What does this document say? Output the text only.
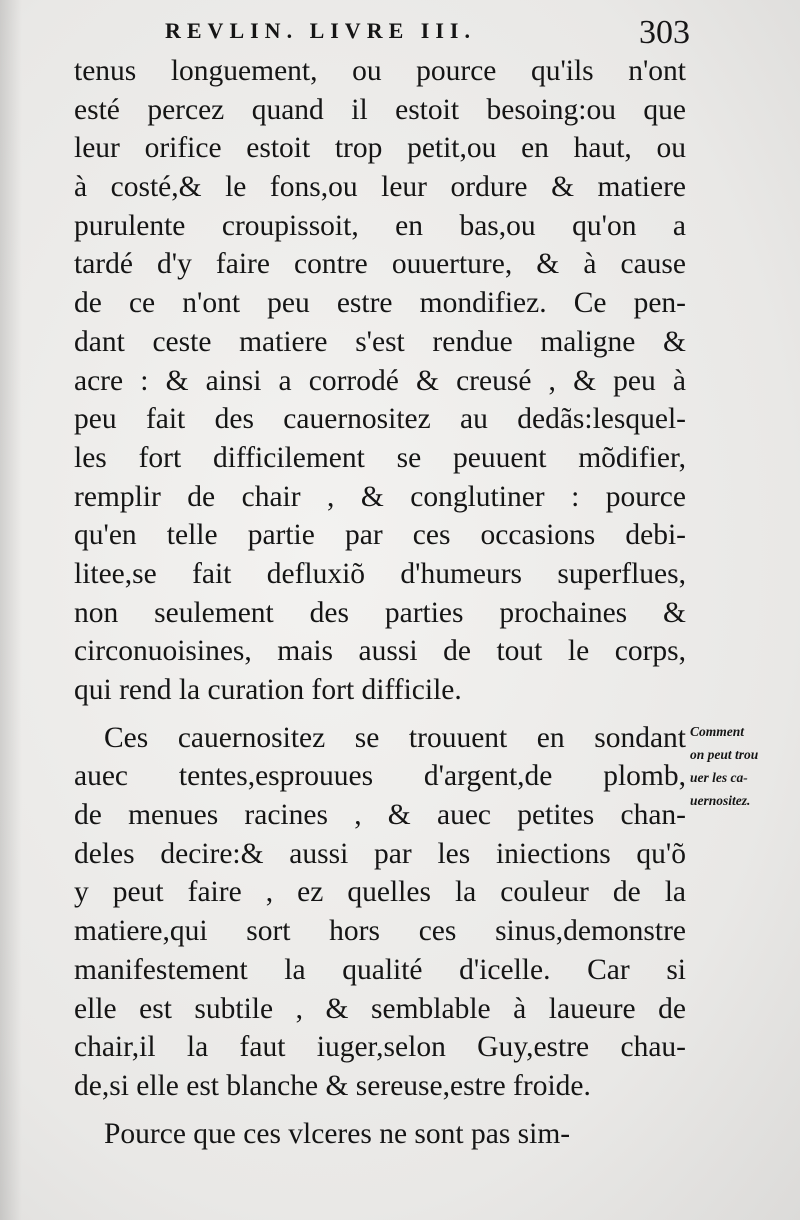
REVLIN. LIVRE III.	303
tenus longuement, ou pource qu'ils n'ont
esté percez quand il estoit besoing:ou que
leur orifice estoit trop petit,ou en haut, ou
à costé,& le fons,ou leur ordure & matiere
purulente croupissoit, en bas,ou qu'on a
tardé d'y faire contre ouuerture, & à cause
de ce n'ont peu estre mondifiez. Ce pen-
dant ceste matiere s'est rendue maligne &
acre : & ainsi a corrodé & creusé , & peu à
peu fait des cauernositez au dedãs:lesquel-
les fort difficilement se peuuent mõdifier,
remplir de chair , & conglutiner : pource
qu'en telle partie par ces occasions debi-
litee,se fait defluxiõ d'humeurs superflues,
non seulement des parties prochaines &
circonuoisines, mais aussi de tout le corps,
qui rend la curation fort difficile.
Ces cauernositez se trouuent en sondant
auec tentes,esprouues d'argent,de plomb,
de menues racines , & auec petites chan-
deles decire:& aussi par les iniections qu'õ
y peut faire , ez quelles la couleur de la
matiere,qui sort hors ces sinus,demonstre
manifestement la qualité d'icelle. Car si
elle est subtile , & semblable à laueure de
chair,il la faut iuger,selon Guy,estre chau-
de,si elle est blanche & sereuse,estre froide.
Pource que ces vlceres ne sont pas sim-
Comment
on peut trou
uer les ca-
uernositez.
